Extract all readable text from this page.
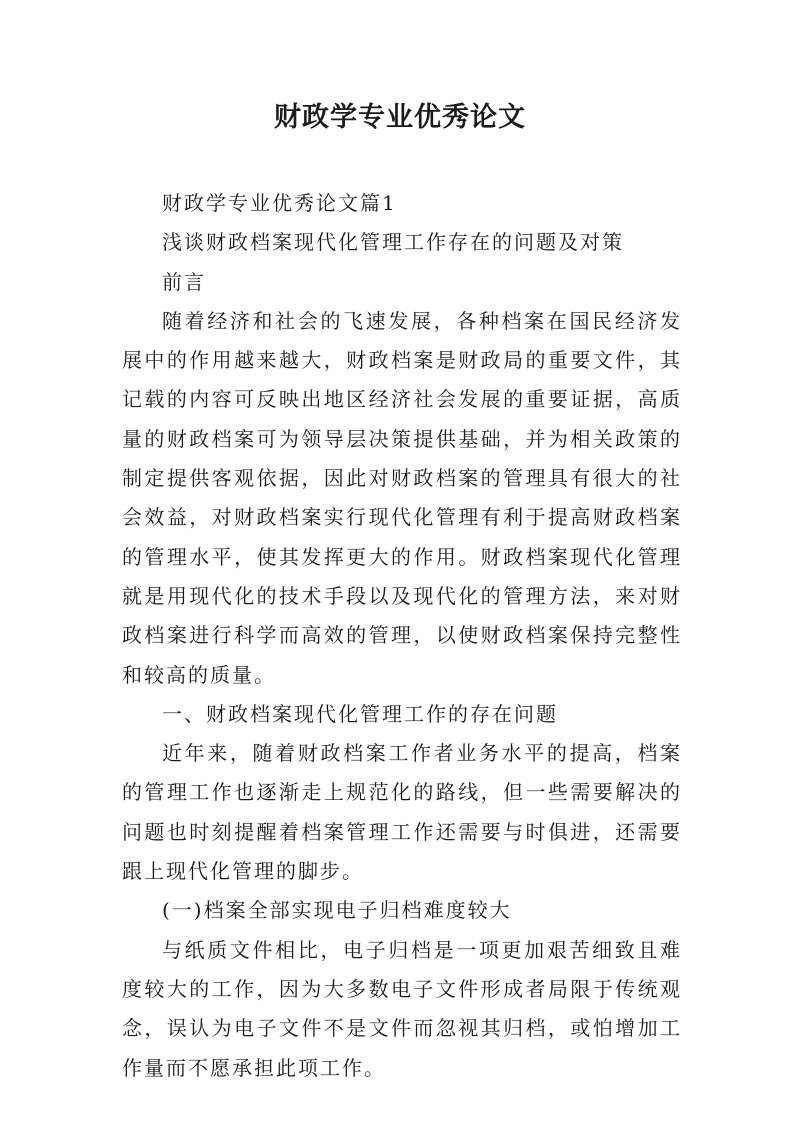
财政学专业优秀论文

财政学专业优秀论文篇1

浅谈财政档案现代化管理工作存在的问题及对策

前言

随着经济和社会的飞速发展，各种档案在国民经济发展中的作用越来越大，财政档案是财政局的重要文件，其记载的内容可反映出地区经济社会发展的重要证据，高质量的财政档案可为领导层决策提供基础，并为相关政策的制定提供客观依据，因此对财政档案的管理具有很大的社会效益，对财政档案实行现代化管理有利于提高财政档案的管理水平，使其发挥更大的作用。财政档案现代化管理就是用现代化的技术手段以及现代化的管理方法，来对财政档案进行科学而高效的管理，以使财政档案保持完整性和较高的质量。

一、财政档案现代化管理工作的存在问题

近年来，随着财政档案工作者业务水平的提高，档案的管理工作也逐渐走上规范化的路线，但一些需要解决的问题也时刻提醒着档案管理工作还需要与时俱进，还需要跟上现代化管理的脚步。

(一)档案全部实现电子归档难度较大

与纸质文件相比，电子归档是一项更加艰苦细致且难度较大的工作，因为大多数电子文件形成者局限于传统观念，误认为电子文件不是文件而忽视其归档，或怕增加工作量而不愿承担此项工作。
